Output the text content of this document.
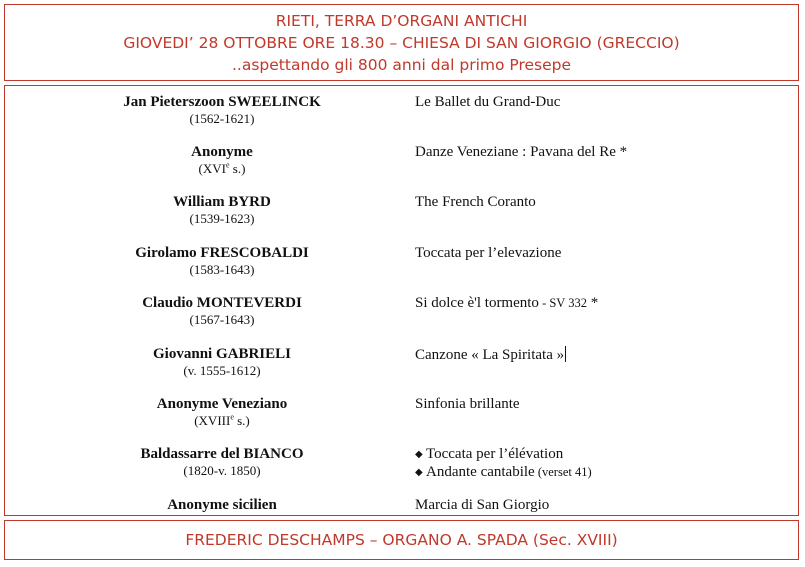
RIETI, TERRA D’ORGANI ANTICHI
GIOVEDI’ 28 OTTOBRE ORE 18.30 – CHIESA DI SAN GIORGIO (GRECCIO)
..aspettando gli 800 anni dal primo Presepe
Jan Pieterszoon SWEELINCK
(1562-1621)
Le Ballet du Grand-Duc
Anonyme
(XVIe s.)
Danze Veneziane : Pavana del Re *
William BYRD
(1539-1623)
The French Coranto
Girolamo FRESCOBALDI
(1583-1643)
Toccata per l’elevazione
Claudio MONTEVERDI
(1567-1643)
Si dolce è'l tormento - SV 332 *
Giovanni GABRIELI
(v. 1555-1612)
Canzone « La Spiritata »
Anonyme Veneziano
(XVIIIe s.)
Sinfonia brillante
Baldassarre del BIANCO
(1820-v. 1850)
◆ Toccata per l’élévation
◆ Andante cantabile (verset 41)
Anonyme sicilien	Marcia di San Giorgio
FREDERIC DESCHAMPS – ORGANO A. SPADA (Sec. XVIII)
